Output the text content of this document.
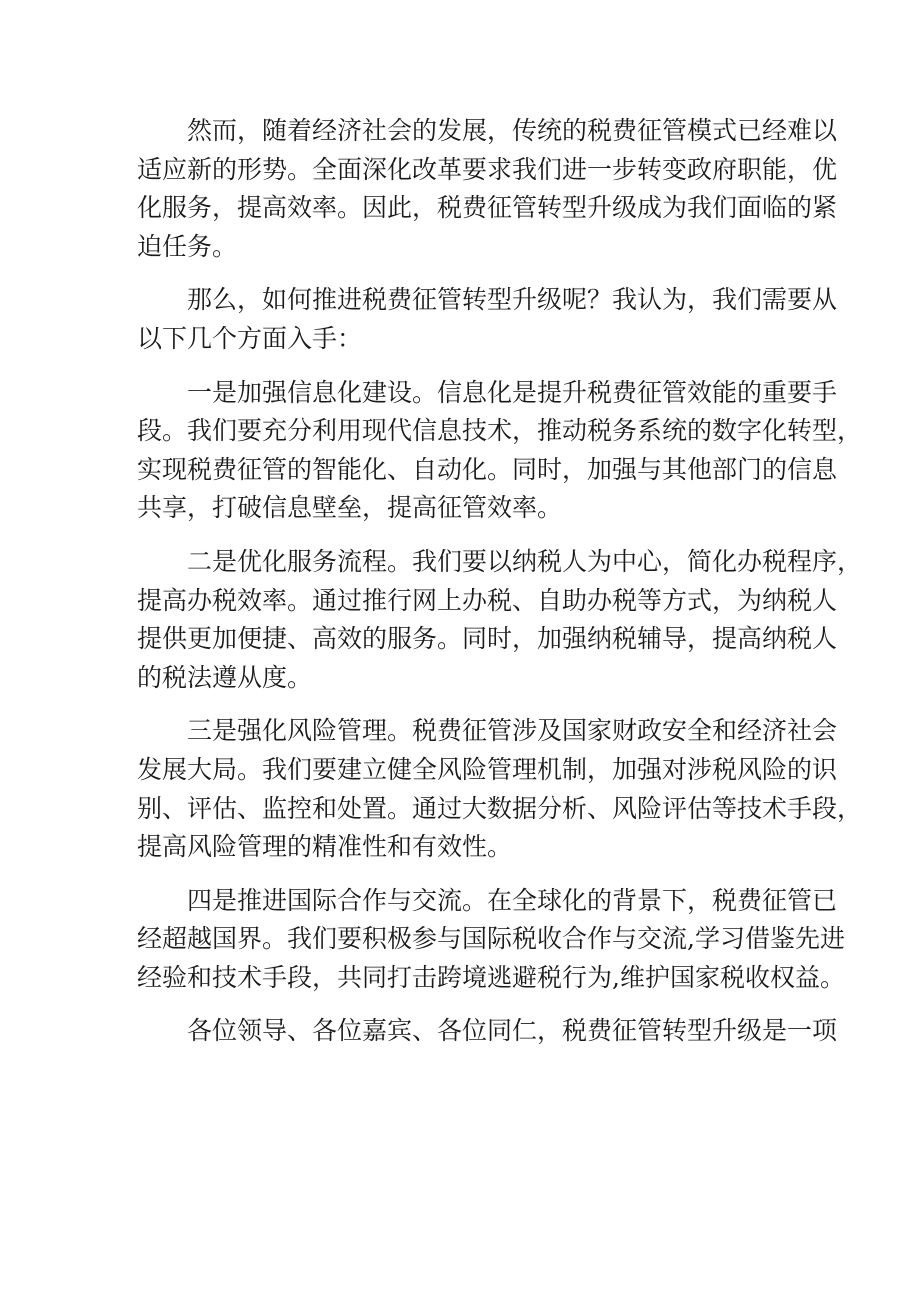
然而，随着经济社会的发展，传统的税费征管模式已经难以
适应新的形势。全面深化改革要求我们进一步转变政府职能，优
化服务，提高效率。因此，税费征管转型升级成为我们面临的紧
迫任务。
那么，如何推进税费征管转型升级呢？我认为，我们需要从
以下几个方面入手：
一是加强信息化建设。信息化是提升税费征管效能的重要手
段。我们要充分利用现代信息技术，推动税务系统的数字化转型，
实现税费征管的智能化、自动化。同时，加强与其他部门的信息
共享，打破信息壁垒，提高征管效率。
二是优化服务流程。我们要以纳税人为中心，简化办税程序，
提高办税效率。通过推行网上办税、自助办税等方式，为纳税人
提供更加便捷、高效的服务。同时，加强纳税辅导，提高纳税人
的税法遵从度。
三是强化风险管理。税费征管涉及国家财政安全和经济社会
发展大局。我们要建立健全风险管理机制，加强对涉税风险的识
别、评估、监控和处置。通过大数据分析、风险评估等技术手段，
提高风险管理的精准性和有效性。
四是推进国际合作与交流。在全球化的背景下，税费征管已
经超越国界。我们要积极参与国际税收合作与交流,学习借鉴先进
经验和技术手段，共同打击跨境逃避税行为,维护国家税收权益。
各位领导、各位嘉宾、各位同仁，税费征管转型升级是一项
